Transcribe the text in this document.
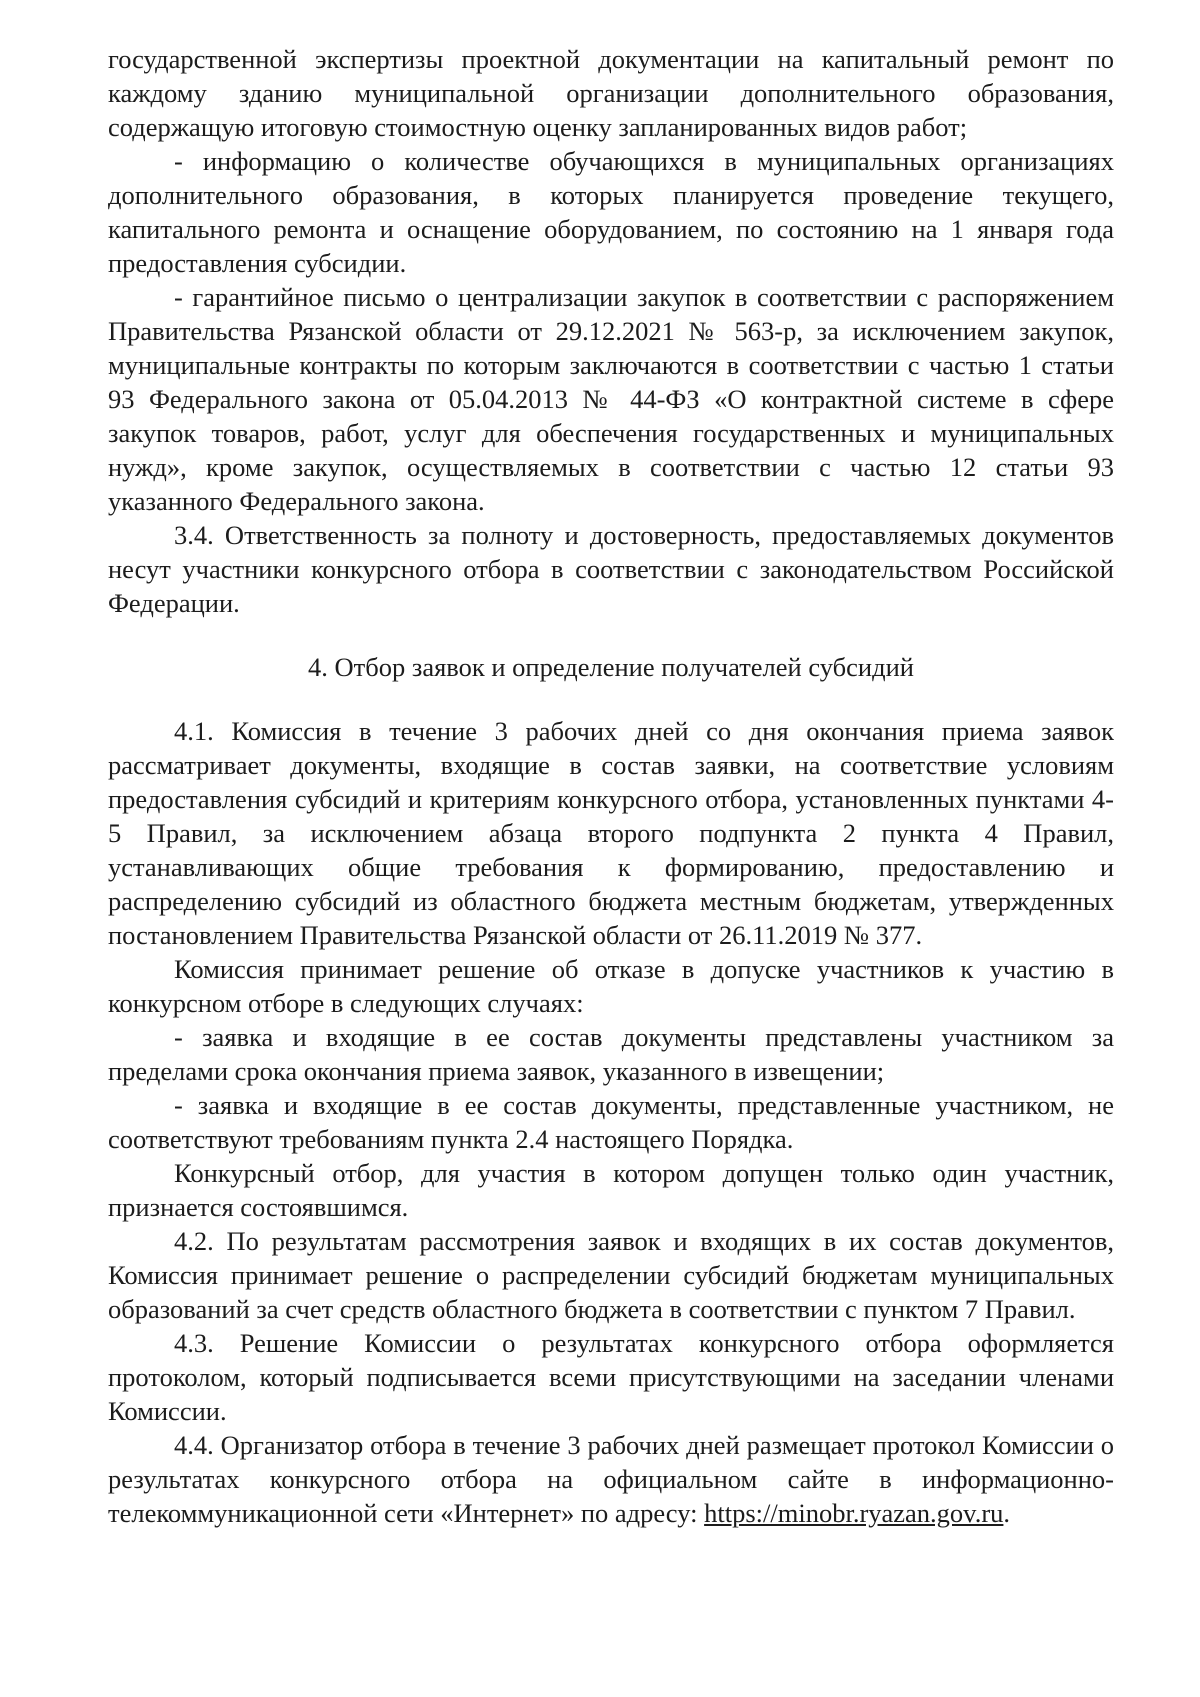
государственной экспертизы проектной документации на капитальный ремонт по каждому зданию муниципальной организации дополнительного образования, содержащую итоговую стоимостную оценку запланированных видов работ;

- информацию о количестве обучающихся в муниципальных организациях дополнительного образования, в которых планируется проведение текущего, капитального ремонта и оснащение оборудованием, по состоянию на 1 января года предоставления субсидии.

- гарантийное письмо о централизации закупок в соответствии с распоряжением Правительства Рязанской области от 29.12.2021 № 563-р, за исключением закупок, муниципальные контракты по которым заключаются в соответствии с частью 1 статьи 93 Федерального закона от 05.04.2013 № 44-ФЗ «О контрактной системе в сфере закупок товаров, работ, услуг для обеспечения государственных и муниципальных нужд», кроме закупок, осуществляемых в соответствии с частью 12 статьи 93 указанного Федерального закона.

3.4. Ответственность за полноту и достоверность, предоставляемых документов несут участники конкурсного отбора в соответствии с законодательством Российской Федерации.

4. Отбор заявок и определение получателей субсидий

4.1. Комиссия в течение 3 рабочих дней со дня окончания приема заявок рассматривает документы, входящие в состав заявки, на соответствие условиям предоставления субсидий и критериям конкурсного отбора, установленных пунктами 4-5 Правил, за исключением абзаца второго подпункта 2 пункта 4 Правил, устанавливающих общие требования к формированию, предоставлению и распределению субсидий из областного бюджета местным бюджетам, утвержденных постановлением Правительства Рязанской области от 26.11.2019 № 377.

Комиссия принимает решение об отказе в допуске участников к участию в конкурсном отборе в следующих случаях:

- заявка и входящие в ее состав документы представлены участником за пределами срока окончания приема заявок, указанного в извещении;

- заявка и входящие в ее состав документы, представленные участником, не соответствуют требованиям пункта 2.4 настоящего Порядка.

Конкурсный отбор, для участия в котором допущен только один участник, признается состоявшимся.

4.2. По результатам рассмотрения заявок и входящих в их состав документов, Комиссия принимает решение о распределении субсидий бюджетам муниципальных образований за счет средств областного бюджета в соответствии с пунктом 7 Правил.

4.3. Решение Комиссии о результатах конкурсного отбора оформляется протоколом, который подписывается всеми присутствующими на заседании членами Комиссии.

4.4. Организатор отбора в течение 3 рабочих дней размещает протокол Комиссии о результатах конкурсного отбора на официальном сайте в информационно-телекоммуникационной сети «Интернет» по адресу: https://minobr.ryazan.gov.ru.
